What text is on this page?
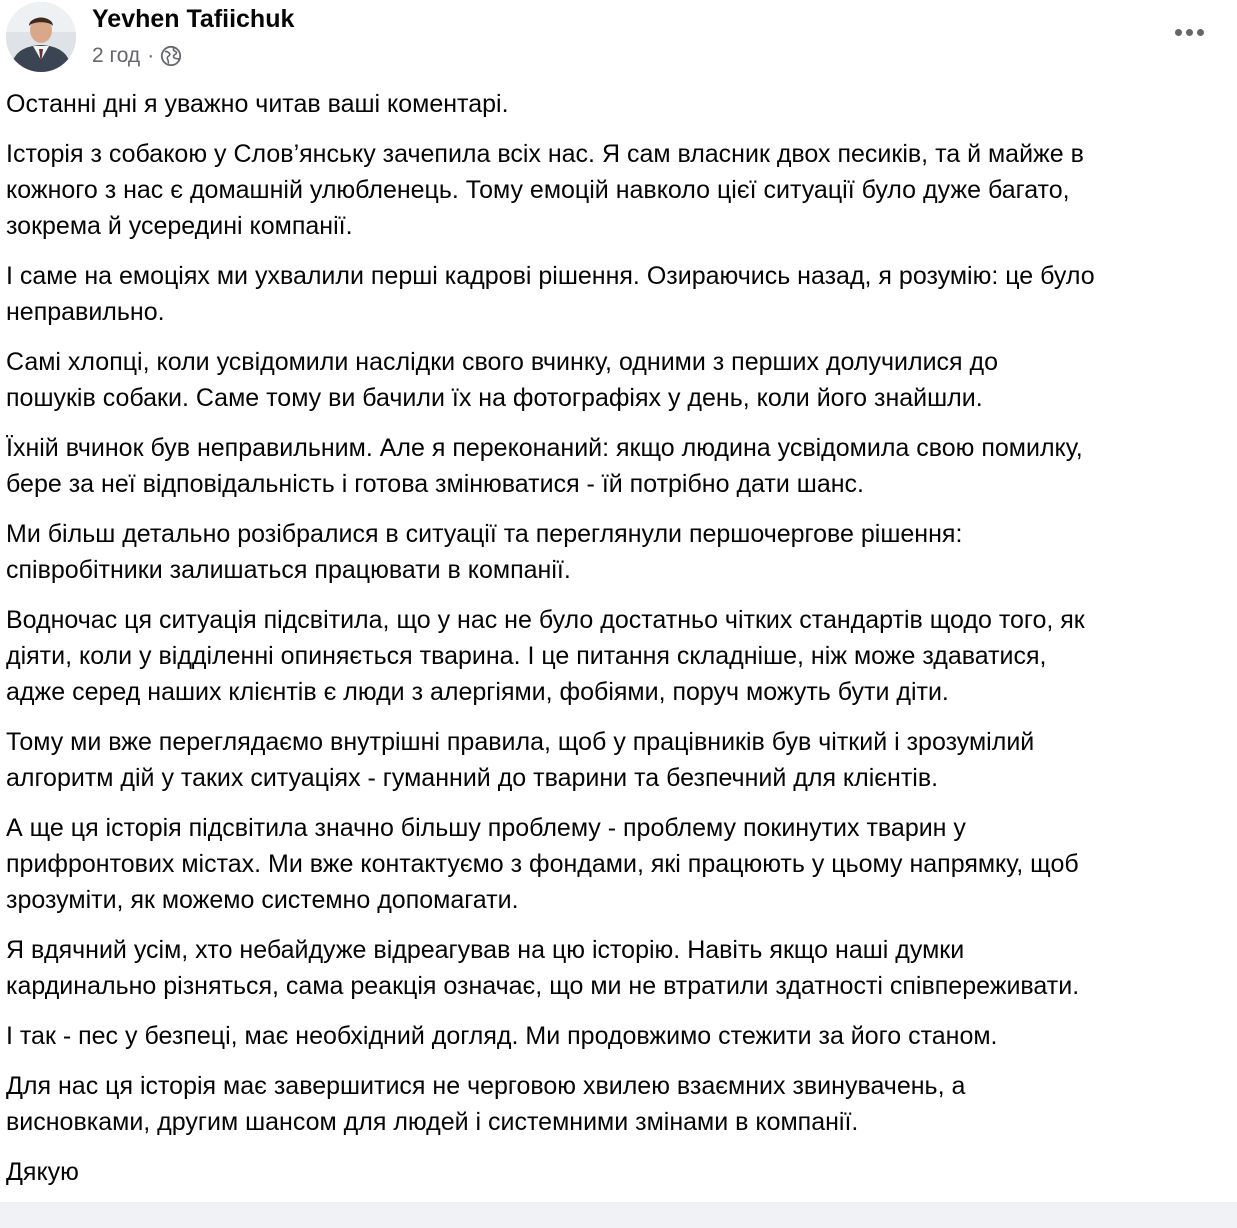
Yevhen Tafiichuk
2 год ·

Останні дні я уважно читав ваші коментарі.

Історія з собакою у Слов’янську зачепила всіх нас. Я сам власник двох песиків, та й майже в
кожного з нас є домашній улюбленець. Тому емоцій навколо цієї ситуації було дуже багато,
зокрема й усередині компанії.

І саме на емоціях ми ухвалили перші кадрові рішення. Озираючись назад, я розумію: це було
неправильно.

Самі хлопці, коли усвідомили наслідки свого вчинку, одними з перших долучилися до
пошуків собаки. Саме тому ви бачили їх на фотографіях у день, коли його знайшли.

Їхній вчинок був неправильним. Але я переконаний: якщо людина усвідомила свою помилку,
бере за неї відповідальність і готова змінюватися - їй потрібно дати шанс.

Ми більш детально розібралися в ситуації та переглянули першочергове рішення:
співробітники залишаться працювати в компанії.

Водночас ця ситуація підсвітила, що у нас не було достатньо чітких стандартів щодо того, як
діяти, коли у відділенні опиняється тварина. І це питання складніше, ніж може здаватися,
адже серед наших клієнтів є люди з алергіями, фобіями, поруч можуть бути діти.

Тому ми вже переглядаємо внутрішні правила, щоб у працівників був чіткий і зрозумілий
алгоритм дій у таких ситуаціях - гуманний до тварини та безпечний для клієнтів.

А ще ця історія підсвітила значно більшу проблему - проблему покинутих тварин у
прифронтових містах. Ми вже контактуємо з фондами, які працюють у цьому напрямку, щоб
зрозуміти, як можемо системно допомагати.

Я вдячний усім, хто небайдуже відреагував на цю історію. Навіть якщо наші думки
кардинально різняться, сама реакція означає, що ми не втратили здатності співпереживати.

І так - пес у безпеці, має необхідний догляд. Ми продовжимо стежити за його станом.

Для нас ця історія має завершитися не черговою хвилею взаємних звинувачень, а
висновками, другим шансом для людей і системними змінами в компанії.

Дякую
